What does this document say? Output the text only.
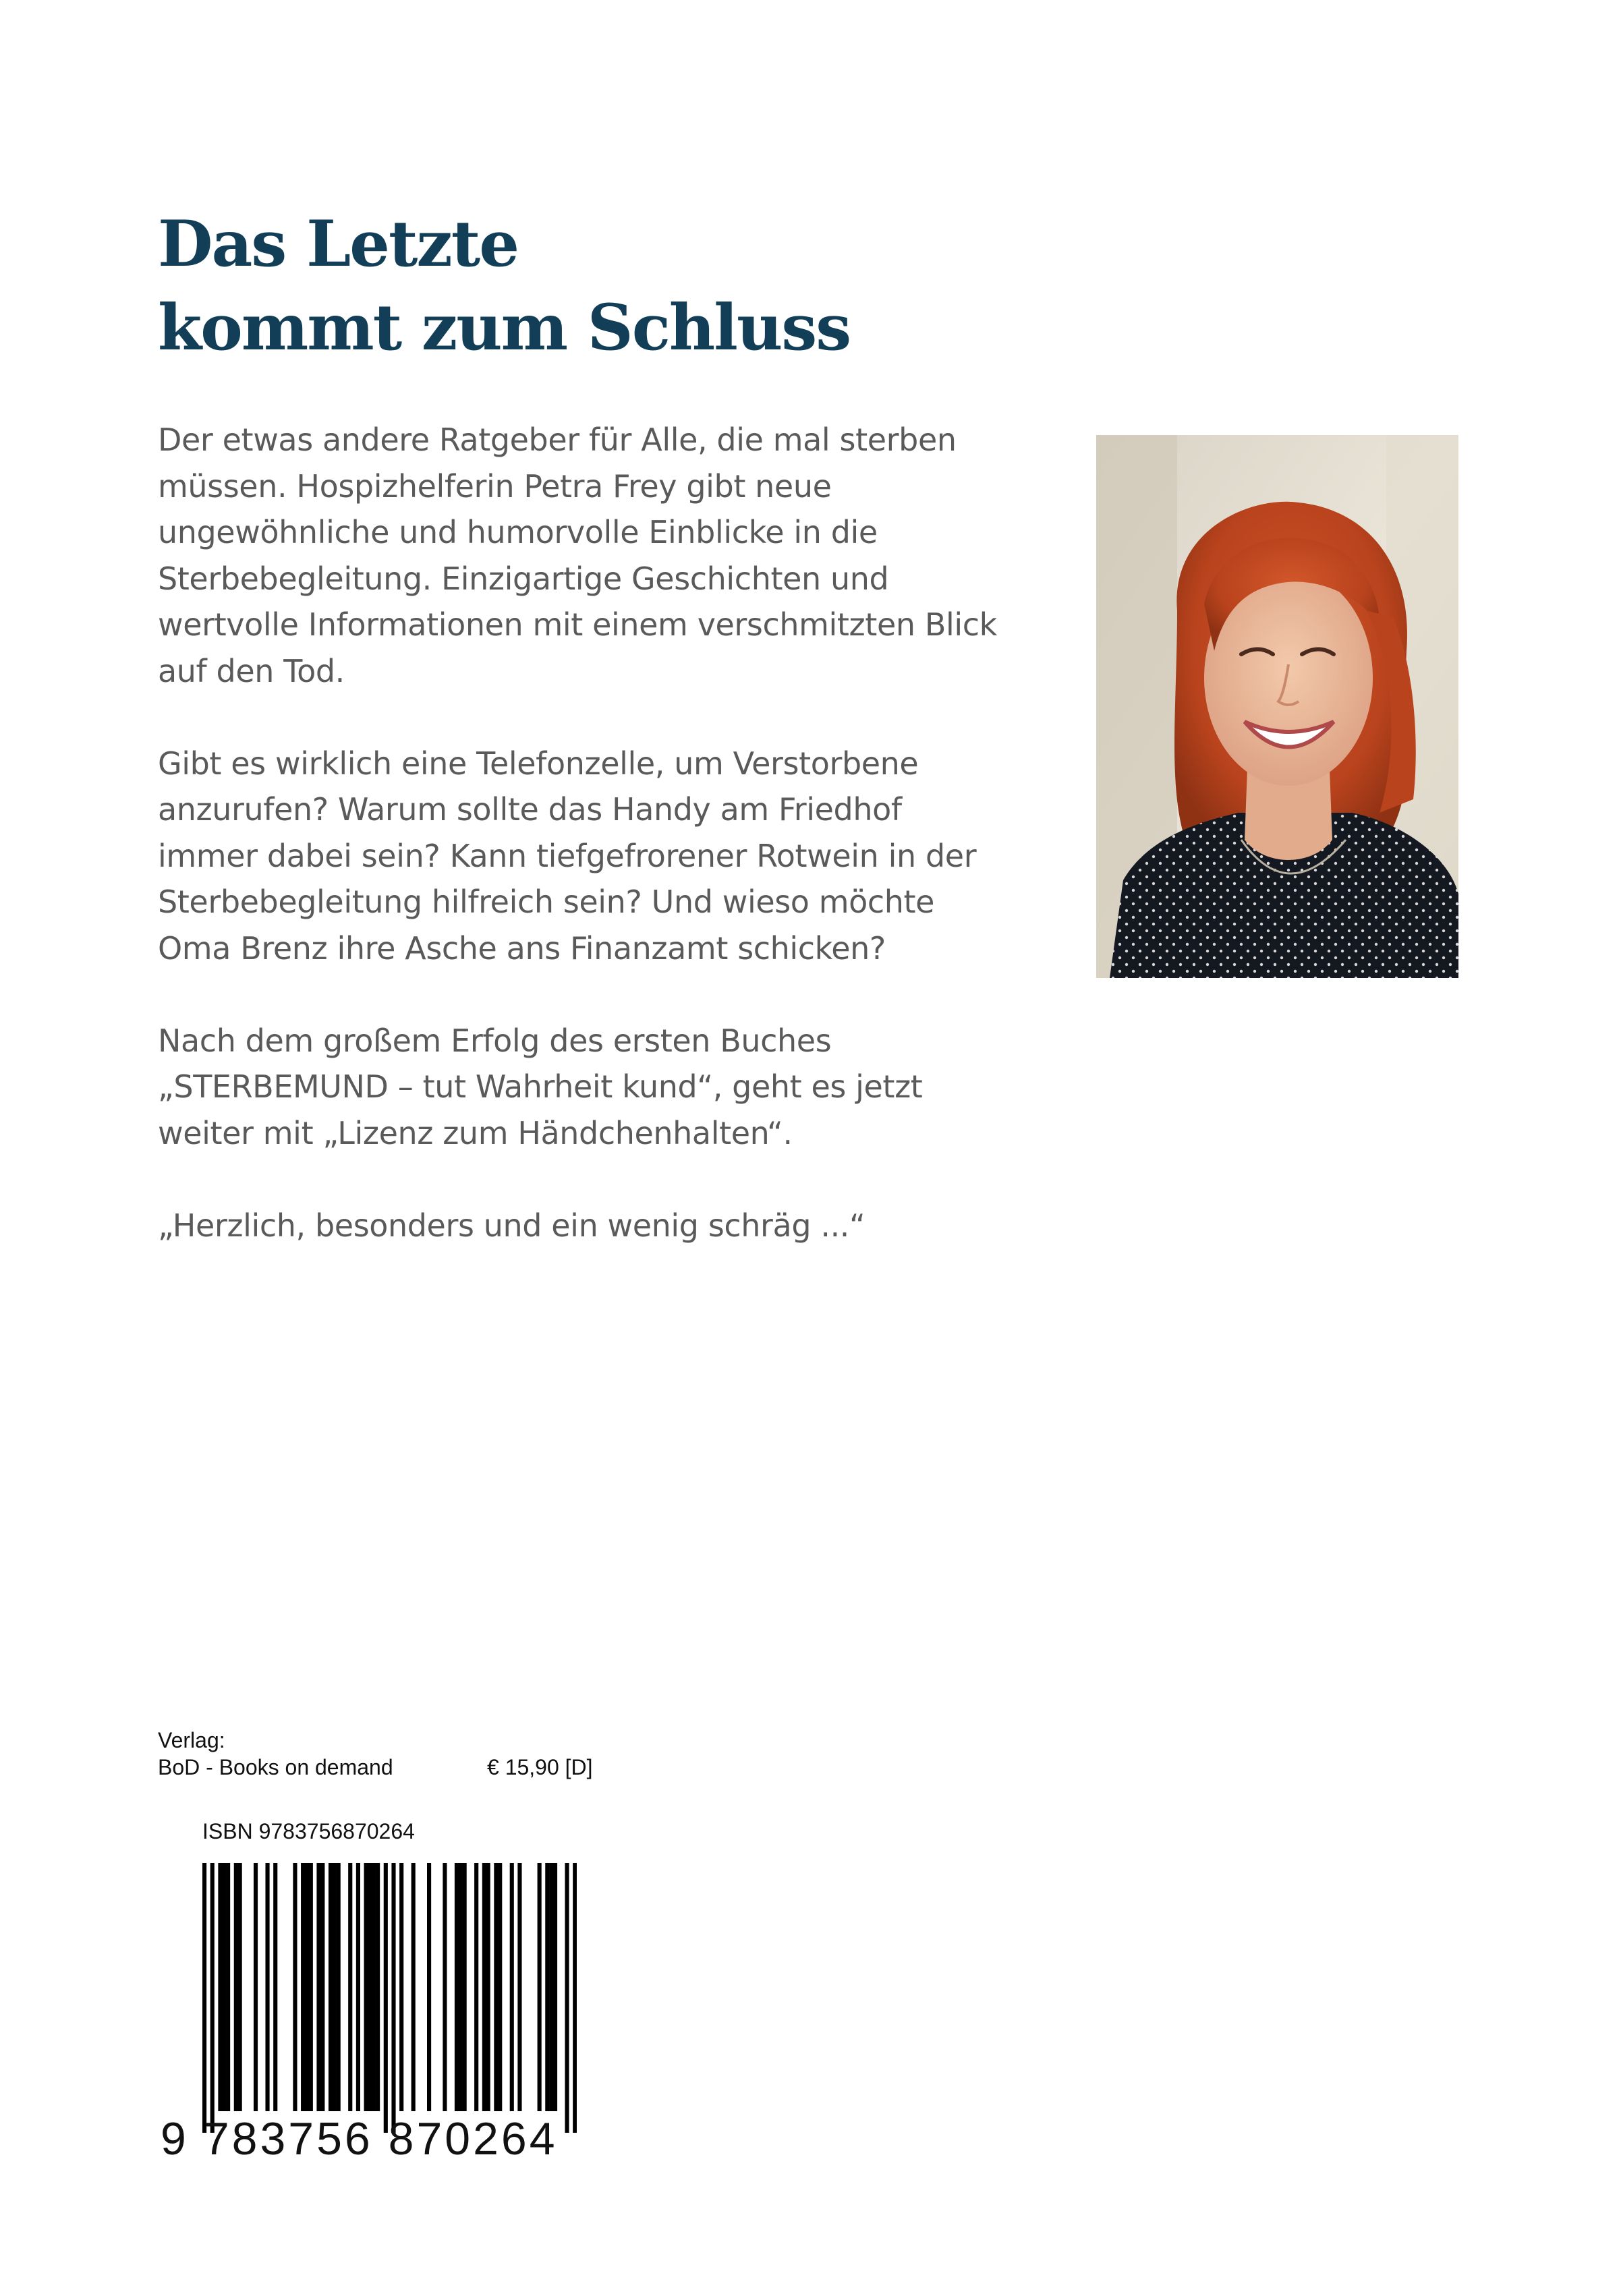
Das Letzte
kommt zum Schluss

Der etwas andere Ratgeber für Alle, die mal sterben
müssen. Hospizhelferin Petra Frey gibt neue
ungewöhnliche und humorvolle Einblicke in die
Sterbebegleitung. Einzigartige Geschichten und
wertvolle Informationen mit einem verschmitzten Blick
auf den Tod.

Gibt es wirklich eine Telefonzelle, um Verstorbene
anzurufen? Warum sollte das Handy am Friedhof
immer dabei sein? Kann tiefgefrorener Rotwein in der
Sterbebegleitung hilfreich sein? Und wieso möchte
Oma Brenz ihre Asche ans Finanzamt schicken?

Nach dem großem Erfolg des ersten Buches
„STERBEMUND – tut Wahrheit kund“, geht es jetzt
weiter mit „Lizenz zum Händchenhalten“.

„Herzlich, besonders und ein wenig schräg ...“

Verlag:
BoD - Books on demand	€ 15,90 [D]
ISBN 9783756870264
9 783756 870264
